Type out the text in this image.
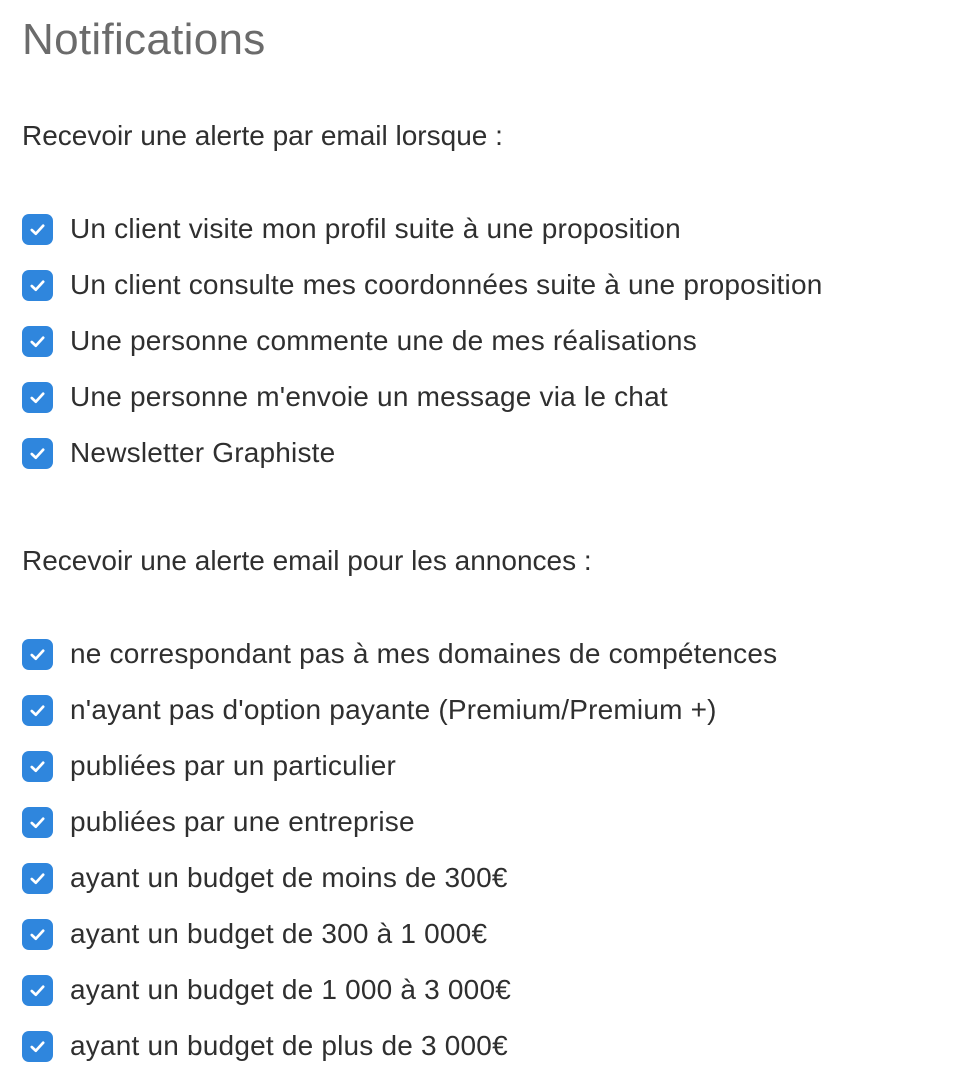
Notifications

Recevoir une alerte par email lorsque :

Un client visite mon profil suite à une proposition
Un client consulte mes coordonnées suite à une proposition
Une personne commente une de mes réalisations
Une personne m'envoie un message via le chat
Newsletter Graphiste

Recevoir une alerte email pour les annonces :

ne correspondant pas à mes domaines de compétences
n'ayant pas d'option payante (Premium/Premium +)
publiées par un particulier
publiées par une entreprise
ayant un budget de moins de 300€
ayant un budget de 300 à 1 000€
ayant un budget de 1 000 à 3 000€
ayant un budget de plus de 3 000€
